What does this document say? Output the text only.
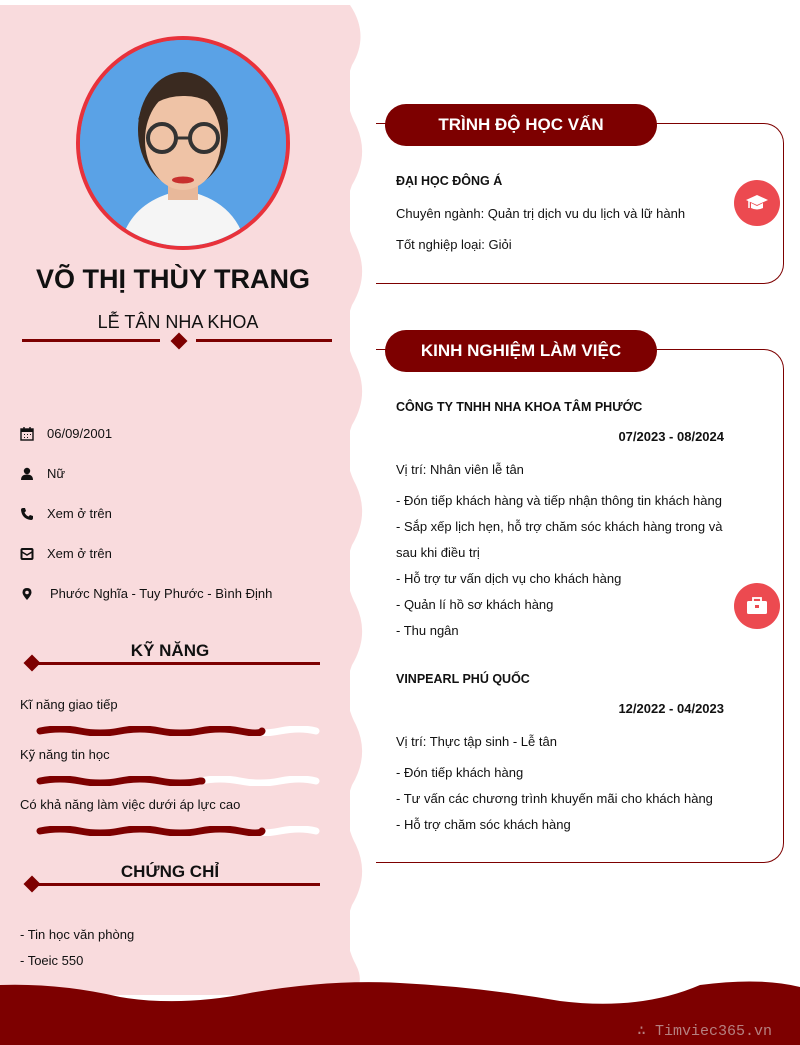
VÕ THỊ THÙY TRANG
LỄ TÂN NHA KHOA
06/09/2001
Nữ
Xem ở trên
Xem ở trên
Phước Nghĩa - Tuy Phước - Bình Định
KỸ NĂNG
Kĩ năng giao tiếp
Kỹ năng tin học
Có khả năng làm việc dưới áp lực cao
CHỨNG CHỈ
- Tin học văn phòng
- Toeic 550
TRÌNH ĐỘ HỌC VẤN
ĐẠI HỌC ĐÔNG Á
Chuyên ngành: Quản trị dịch vu du lịch và lữ hành
Tốt nghiệp loại: Giỏi
KINH NGHIỆM LÀM VIỆC
CÔNG TY TNHH NHA KHOA TÂM PHƯỚC
07/2023 - 08/2024
Vị trí: Nhân viên lễ tân
- Đón tiếp khách hàng và tiếp nhận thông tin khách hàng
- Sắp xếp lịch hẹn, hỗ trợ chăm sóc khách hàng trong và
sau khi điều trị
- Hỗ trợ tư vấn dịch vụ cho khách hàng
- Quản lí hồ sơ khách hàng
- Thu ngân
VINPEARL PHÚ QUỐC
12/2022 - 04/2023
Vị trí: Thực tập sinh - Lễ tân
- Đón tiếp khách hàng
- Tư vấn các chương trình khuyến mãi cho khách hàng
- Hỗ trợ chăm sóc khách hàng
∴ Timviec365.vn
